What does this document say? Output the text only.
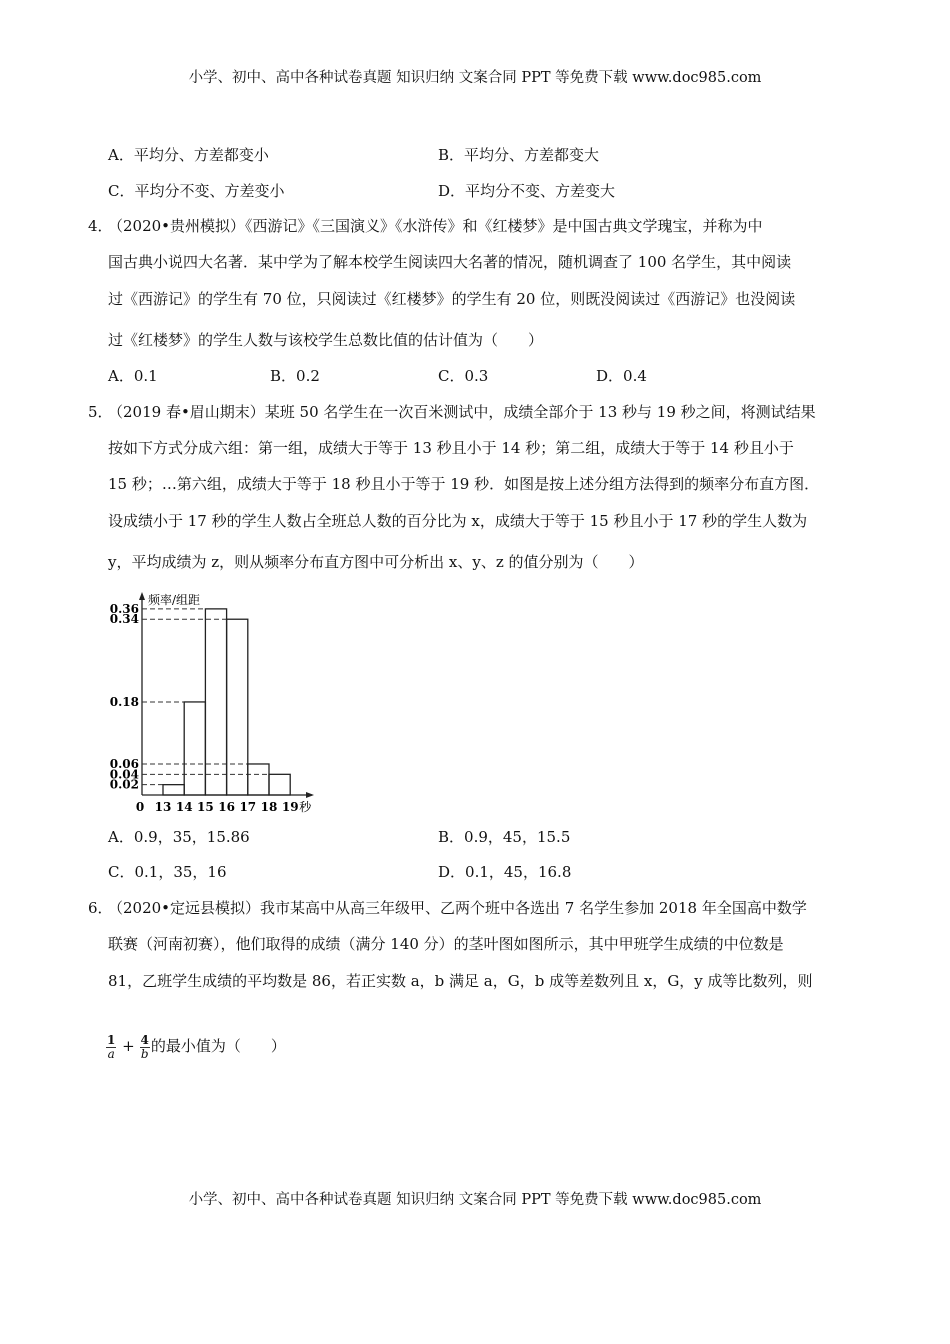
小学、初中、高中各种试卷真题 知识归纳 文案合同 PPT 等免费下载 www.doc985.com
A．平均分、方差都变小	B．平均分、方差都变大
C．平均分不变、方差变小	D．平均分不变、方差变大
4．
（2020•贵州模拟）《西游记》《三国演义》《水浒传》和《红楼梦》是中国古典文学瑰宝，并称为中
国古典小说四大名著．某中学为了解本校学生阅读四大名著的情况，随机调查了 100 名学生，其中阅读
过《西游记》的学生有 70 位，只阅读过《红楼梦》的学生有 20 位，则既没阅读过《西游记》也没阅读
过《红楼梦》的学生人数与该校学生总数比值的估计值为（　　）
A．0.1	B．0.2	C．0.3	D．0.4
5．
（2019 春•眉山期末）某班 50 名学生在一次百米测试中，成绩全部介于 13 秒与 19 秒之间，将测试结果
按如下方式分成六组：第一组，成绩大于等于 13 秒且小于 14 秒；第二组，成绩大于等于 14 秒且小于
15 秒；…第六组，成绩大于等于 18 秒且小于等于 19 秒．如图是按上述分组方法得到的频率分布直方图．
设成绩小于 17 秒的学生人数占全班总人数的百分比为 x，成绩大于等于 15 秒且小于 17 秒的学生人数为
y，平均成绩为 z，则从频率分布直方图中可分析出 x、y、z 的值分别为（　　）
0.36
0.34
0.18
0.06
0.04
0.02
0 13 14 15 16 17 18 19 秒
频率/组距
A．0.9，35，15.86	B．0.9，45，15.5
C．0.1，35，16	D．0.1，45，16.8
6．
（2020•定远县模拟）我市某高中从高三年级甲、乙两个班中各选出 7 名学生参加 2018 年全国高中数学
联赛（河南初赛），他们取得的成绩（满分 140 分）的茎叶图如图所示，其中甲班学生成绩的中位数是
81，乙班学生成绩的平均数是 86，若正实数 a，b 满足 a，G，b 成等差数列且 x，G，y 成等比数列，则
$\frac{1}{a} + \frac{4}{b}$ 的最小值为（　　）
小学、初中、高中各种试卷真题 知识归纳 文案合同 PPT 等免费下载 www.doc985.com
